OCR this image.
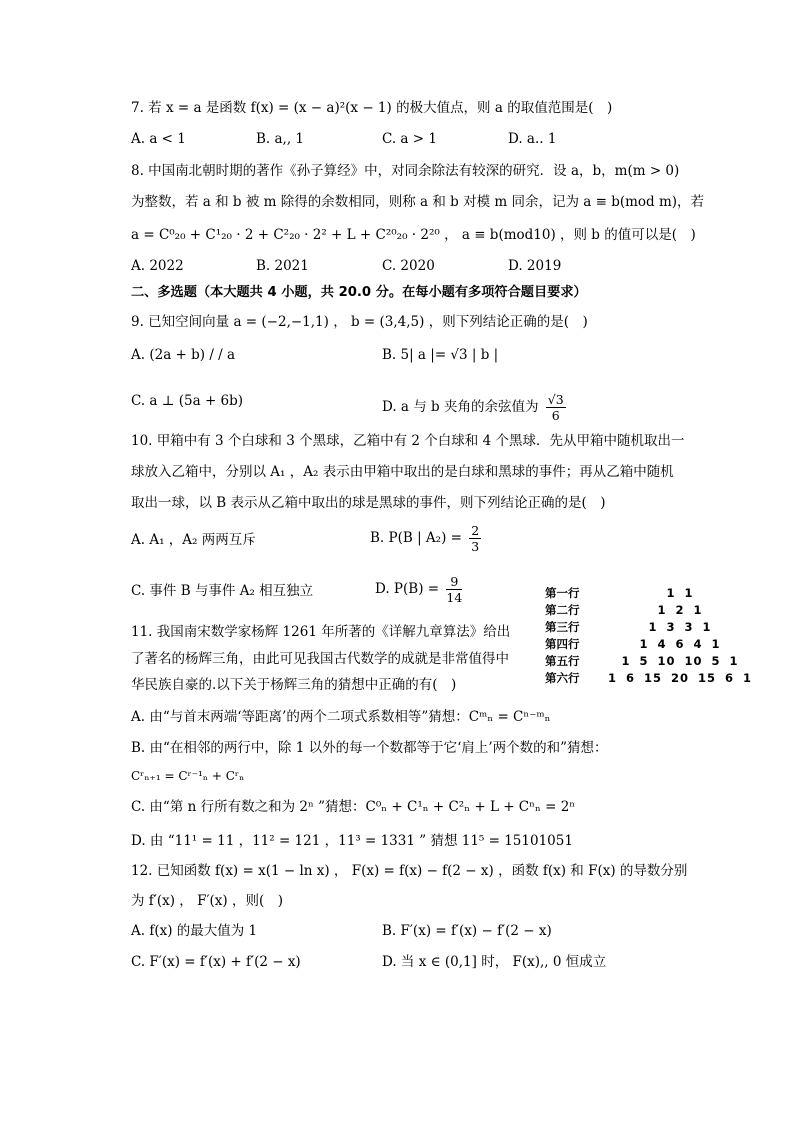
7. 若 x = a 是函数 f(x) = (x − a)²(x − 1) 的极大值点，则 a 的取值范围是(　)
A. a < 1	B. a,, 1	C. a > 1	D. a.. 1
8. 中国南北朝时期的著作《孙子算经》中，对同余除法有较深的研究．设 a，b，m(m > 0)
为整数，若 a 和 b 被 m 除得的余数相同，则称 a 和 b 对模 m 同余，记为 a ≡ b(mod m)，若
a = C⁰₂₀ + C¹₂₀ · 2 + C²₂₀ · 2² + L + C²⁰₂₀ · 2²⁰ ， a ≡ b(mod10) ，则 b 的值可以是(　)
A. 2022	B. 2021	C. 2020	D. 2019
二、多选题（本大题共 4 小题，共 20.0 分。在每小题有多项符合题目要求）
9. 已知空间向量 a = (−2,−1,1) ， b = (3,4,5) ，则下列结论正确的是(　)
A. (2a + b) / / a	B. 5| a |= √3 | b |
C. a ⊥ (5a + 6b)	D. a 与 b 夹角的余弦值为 $\frac{√3}{6}$
10. 甲箱中有 3 个白球和 3 个黑球，乙箱中有 2 个白球和 4 个黑球．先从甲箱中随机取出一
球放入乙箱中，分别以 A₁ ，A₂ 表示由甲箱中取出的是白球和黑球的事件；再从乙箱中随机
取出一球，以 B 表示从乙箱中取出的球是黑球的事件，则下列结论正确的是(　)
A. A₁ ，A₂ 两两互斥	B. P(B | $A_2) = \frac{2}{3}$
C. 事件 B 与事件 A₂ 相互独立	D. $P(B) = \frac{9}{14}$	第一行	1 1
第二行	1 2 1
第三行	1 3 3 1
第四行	1 4 6 4 1
第五行	1 5 10 10 5 1
第六行	1 6 15 20 15 6 1
11. 我国南宋数学家杨辉 1261 年所著的《详解九章算法》给出
了著名的杨辉三角，由此可见我国古代数学的成就是非常值得中
华民族自豪的.以下关于杨辉三角的猜想中正确的有(　)
A. 由“与首末两端‘等距离’的两个二项式系数相等”猜想：Cᵐₙ = Cⁿ⁻ᵐₙ
B. 由“在相邻的两行中，除 1 以外的每一个数都等于它‘肩上’两个数的和”猜想：
Cʳₙ₊₁ = Cʳ⁻¹ₙ + Cʳₙ
C. 由“第 n 行所有数之和为 2ⁿ ”猜想：C⁰ₙ + C¹ₙ + C²ₙ + L + Cⁿₙ = 2ⁿ
D. 由 “11¹ = 11 ，11² = 121 ，11³ = 1331 ” 猜想 11⁵ = 15101051
12. 已知函数 f(x) = x(1 − ln x) ， F(x) = f(x) − f(2 − x) ，函数 f(x) 和 F(x) 的导数分别
为 f′(x) ， F′(x) ，则(　)
A. f(x) 的最大值为 1	B. F′(x) = f′(x) − f′(2 − x)
C. F′(x) = f′(x) + f′(2 − x)	D. 当 x ∈ (0,1] 时， F(x),, 0 恒成立
